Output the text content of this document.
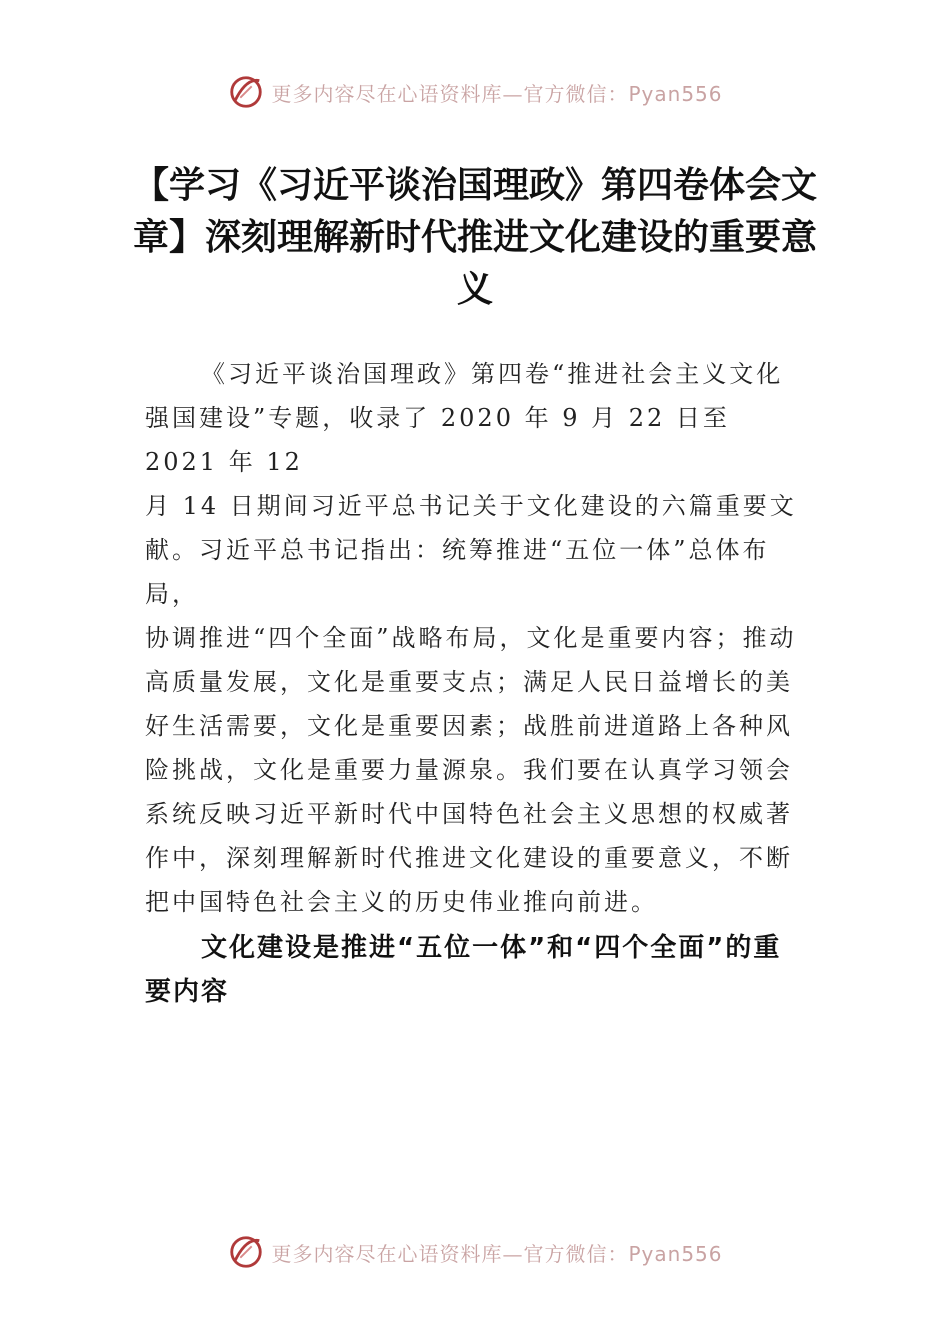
更多内容尽在心语资料库—官方微信：Pyan556
【学习《习近平谈治国理政》第四卷体会文章】深刻理解新时代推进文化建设的重要意义

《习近平谈治国理政》第四卷“推进社会主义文化强国建设”专题，收录了 2020 年 9 月 22 日至 2021 年 12

月 14 日期间习近平总书记关于文化建设的六篇重要文献。习近平总书记指出：统筹推进“五位一体”总体布局，

协调推进“四个全面”战略布局，文化是重要内容；推动高质量发展，文化是重要支点；满足人民日益增长的美好生活需要，文化是重要因素；战胜前进道路上各种风险挑战，文化是重要力量源泉。我们要在认真学习领会系统反映习近平新时代中国特色社会主义思想的权威著作中，深刻理解新时代推进文化建设的重要意义，不断把中国特色社会主义的历史伟业推向前进。

文化建设是推进“五位一体”和“四个全面”的重要内容
更多内容尽在心语资料库—官方微信：Pyan556
